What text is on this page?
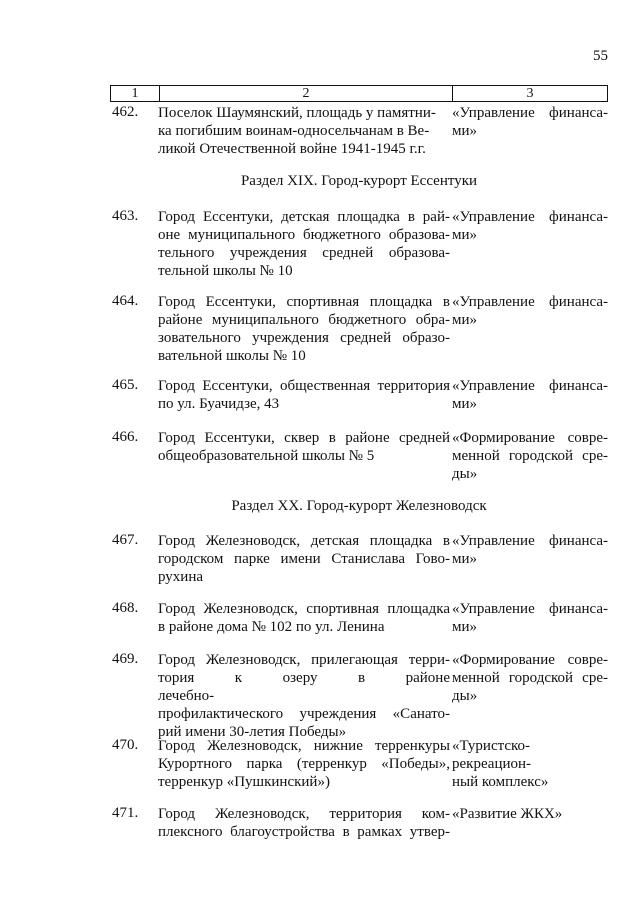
55
1	2	3
462. Поселок Шаумянский, площадь у памятни-
ка погибшим воинам-односельчанам в Ве-
ликой Отечественной войне 1941-1945 г.г.
«Управление финанса-
ми»
Раздел XIX. Город-курорт Ессентуки
463. Город Ессентуки, детская площадка в рай-
оне муниципального бюджетного образова-
тельного учреждения средней образова-
тельной школы № 10
«Управление финанса-
ми»
464. Город Ессентуки, спортивная площадка в
районе муниципального бюджетного обра-
зовательного учреждения средней образо-
вательной школы № 10
«Управление финанса-
ми»
465. Город Ессентуки, общественная территория
по ул. Буачидзе, 43
«Управление финанса-
ми»
466. Город Ессентуки, сквер в районе средней
общеобразовательной школы № 5
«Формирование совре-
менной городской сре-
ды»
Раздел XX. Город-курорт Железноводск
467. Город Железноводск, детская площадка в
городском парке имени Станислава Гово-
рухина
«Управление финанса-
ми»
468. Город Железноводск, спортивная площадка
в районе дома № 102 по ул. Ленина
«Управление финанса-
ми»
469. Город Железноводск, прилегающая терри-
тория к озеру в районе лечебно-
профилактического учреждения «Санато-
рий имени 30-летия Победы»
«Формирование совре-
менной городской сре-
ды»
470. Город Железноводск, нижние терренкуры
Курортного парка (терренкур «Победы»,
терренкур «Пушкинский»)
«Туристско-рекреацион-
ный комплекс»
471. Город Железноводск, территория ком-
плексного благоустройства в рамках утвер-
«Развитие ЖКХ»
